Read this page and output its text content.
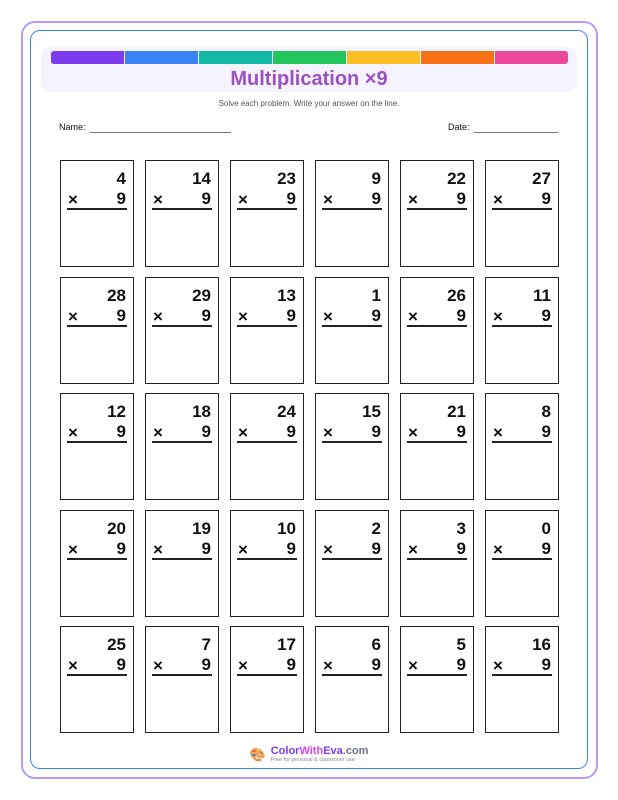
Multiplication ×9
Solve each problem. Write your answer on the line.
Name:	Date:
4
× 9
14
× 9
23
× 9
9
× 9
22
× 9
27
× 9
28
× 9
29
× 9
13
× 9
1
× 9
26
× 9
11
× 9
12
× 9
18
× 9
24
× 9
15
× 9
21
× 9
8
× 9
20
× 9
19
× 9
10
× 9
2
× 9
3
× 9
0
× 9
25
× 9
7
× 9
17
× 9
6
× 9
5
× 9
16
× 9
🎨 ColorWithEva.com
Free for personal & classroom use
